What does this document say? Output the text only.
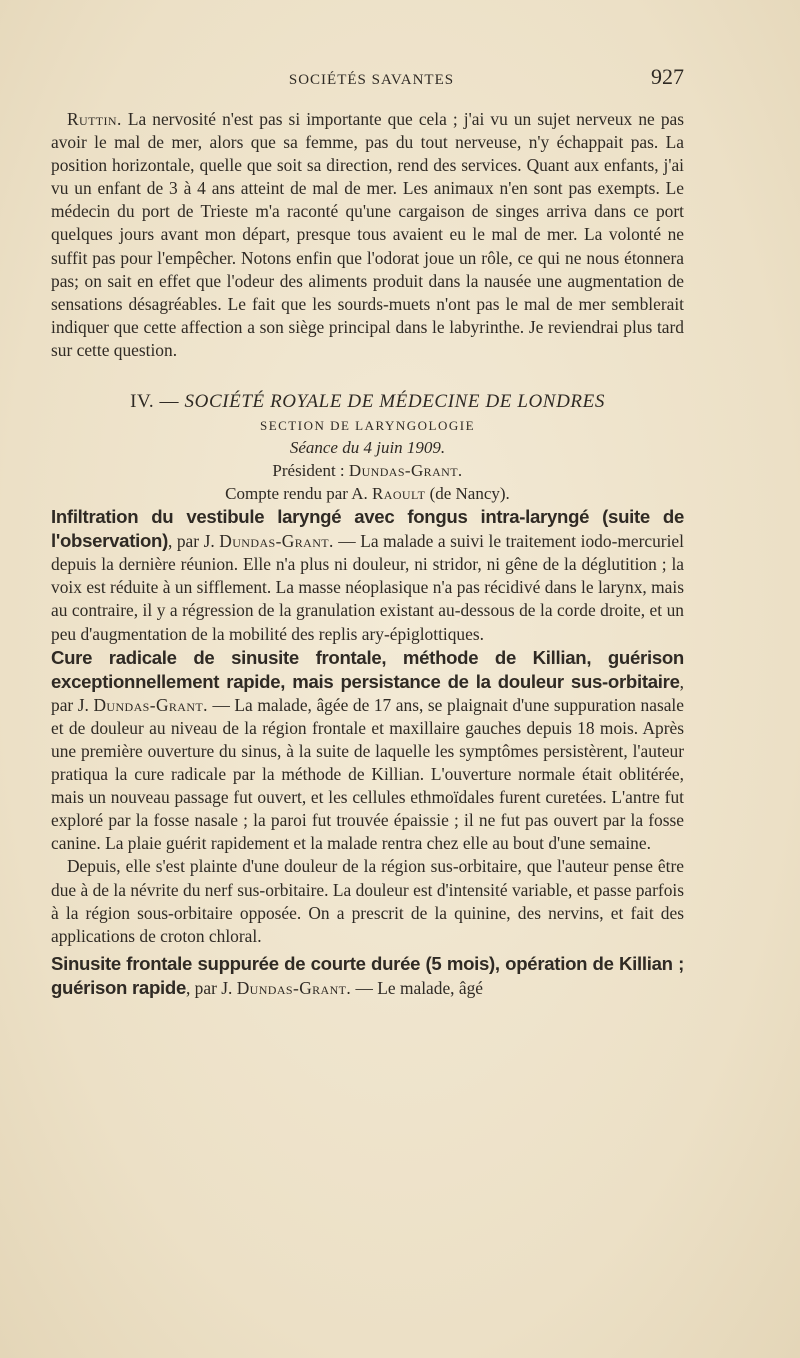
SOCIÉTÉS SAVANTES	927

Ruttin. La nervosité n'est pas si importante que cela ; j'ai vu un sujet nerveux ne pas avoir le mal de mer, alors que sa femme, pas du tout nerveuse, n'y échappait pas. La position horizontale, quelle que soit sa direction, rend des services. Quant aux enfants, j'ai vu un enfant de 3 à 4 ans atteint de mal de mer. Les animaux n'en sont pas exempts. Le médecin du port de Trieste m'a raconté qu'une cargaison de singes arriva dans ce port quelques jours avant mon départ, presque tous avaient eu le mal de mer. La volonté ne suffit pas pour l'empêcher. Notons enfin que l'odorat joue un rôle, ce qui ne nous étonnera pas; on sait en effet que l'odeur des aliments produit dans la nausée une augmentation de sensations désagréables. Le fait que les sourds-muets n'ont pas le mal de mer semblerait indiquer que cette affection a son siège principal dans le labyrinthe. Je reviendrai plus tard sur cette question.

IV. — SOCIÉTÉ ROYALE DE MÉDECINE DE LONDRES
SECTION DE LARYNGOLOGIE
Séance du 4 juin 1909.
Président : Dundas-Grant.
Compte rendu par A. Raoult (de Nancy).

Infiltration du vestibule laryngé avec fongus intra-laryngé (suite de l'observation), par J. Dundas-Grant. — La malade a suivi le traitement iodo-mercuriel depuis la dernière réunion. Elle n'a plus ni douleur, ni stridor, ni gêne de la déglutition ; la voix est réduite à un sifflement. La masse néoplasique n'a pas récidivé dans le larynx, mais au contraire, il y a régression de la granulation existant au-dessous de la corde droite, et un peu d'augmentation de la mobilité des replis ary-épiglottiques.

Cure radicale de sinusite frontale, méthode de Killian, guérison exceptionnellement rapide, mais persistance de la douleur sus-orbitaire, par J. Dundas-Grant. — La malade, âgée de 17 ans, se plaignait d'une suppuration nasale et de douleur au niveau de la région frontale et maxillaire gauches depuis 18 mois. Après une première ouverture du sinus, à la suite de laquelle les symptômes persistèrent, l'auteur pratiqua la cure radicale par la méthode de Killian. L'ouverture normale était oblitérée, mais un nouveau passage fut ouvert, et les cellules ethmoïdales furent curetées. L'antre fut exploré par la fosse nasale ; la paroi fut trouvée épaissie ; il ne fut pas ouvert par la fosse canine. La plaie guérit rapidement et la malade rentra chez elle au bout d'une semaine.

Depuis, elle s'est plainte d'une douleur de la région sus-orbitaire, que l'auteur pense être due à de la névrite du nerf sus-orbitaire. La douleur est d'intensité variable, et passe parfois à la région sous-orbitaire opposée. On a prescrit de la quinine, des nervins, et fait des applications de croton chloral.

Sinusite frontale suppurée de courte durée (5 mois), opération de Killian ; guérison rapide, par J. Dundas-Grant. — Le malade, âgé
